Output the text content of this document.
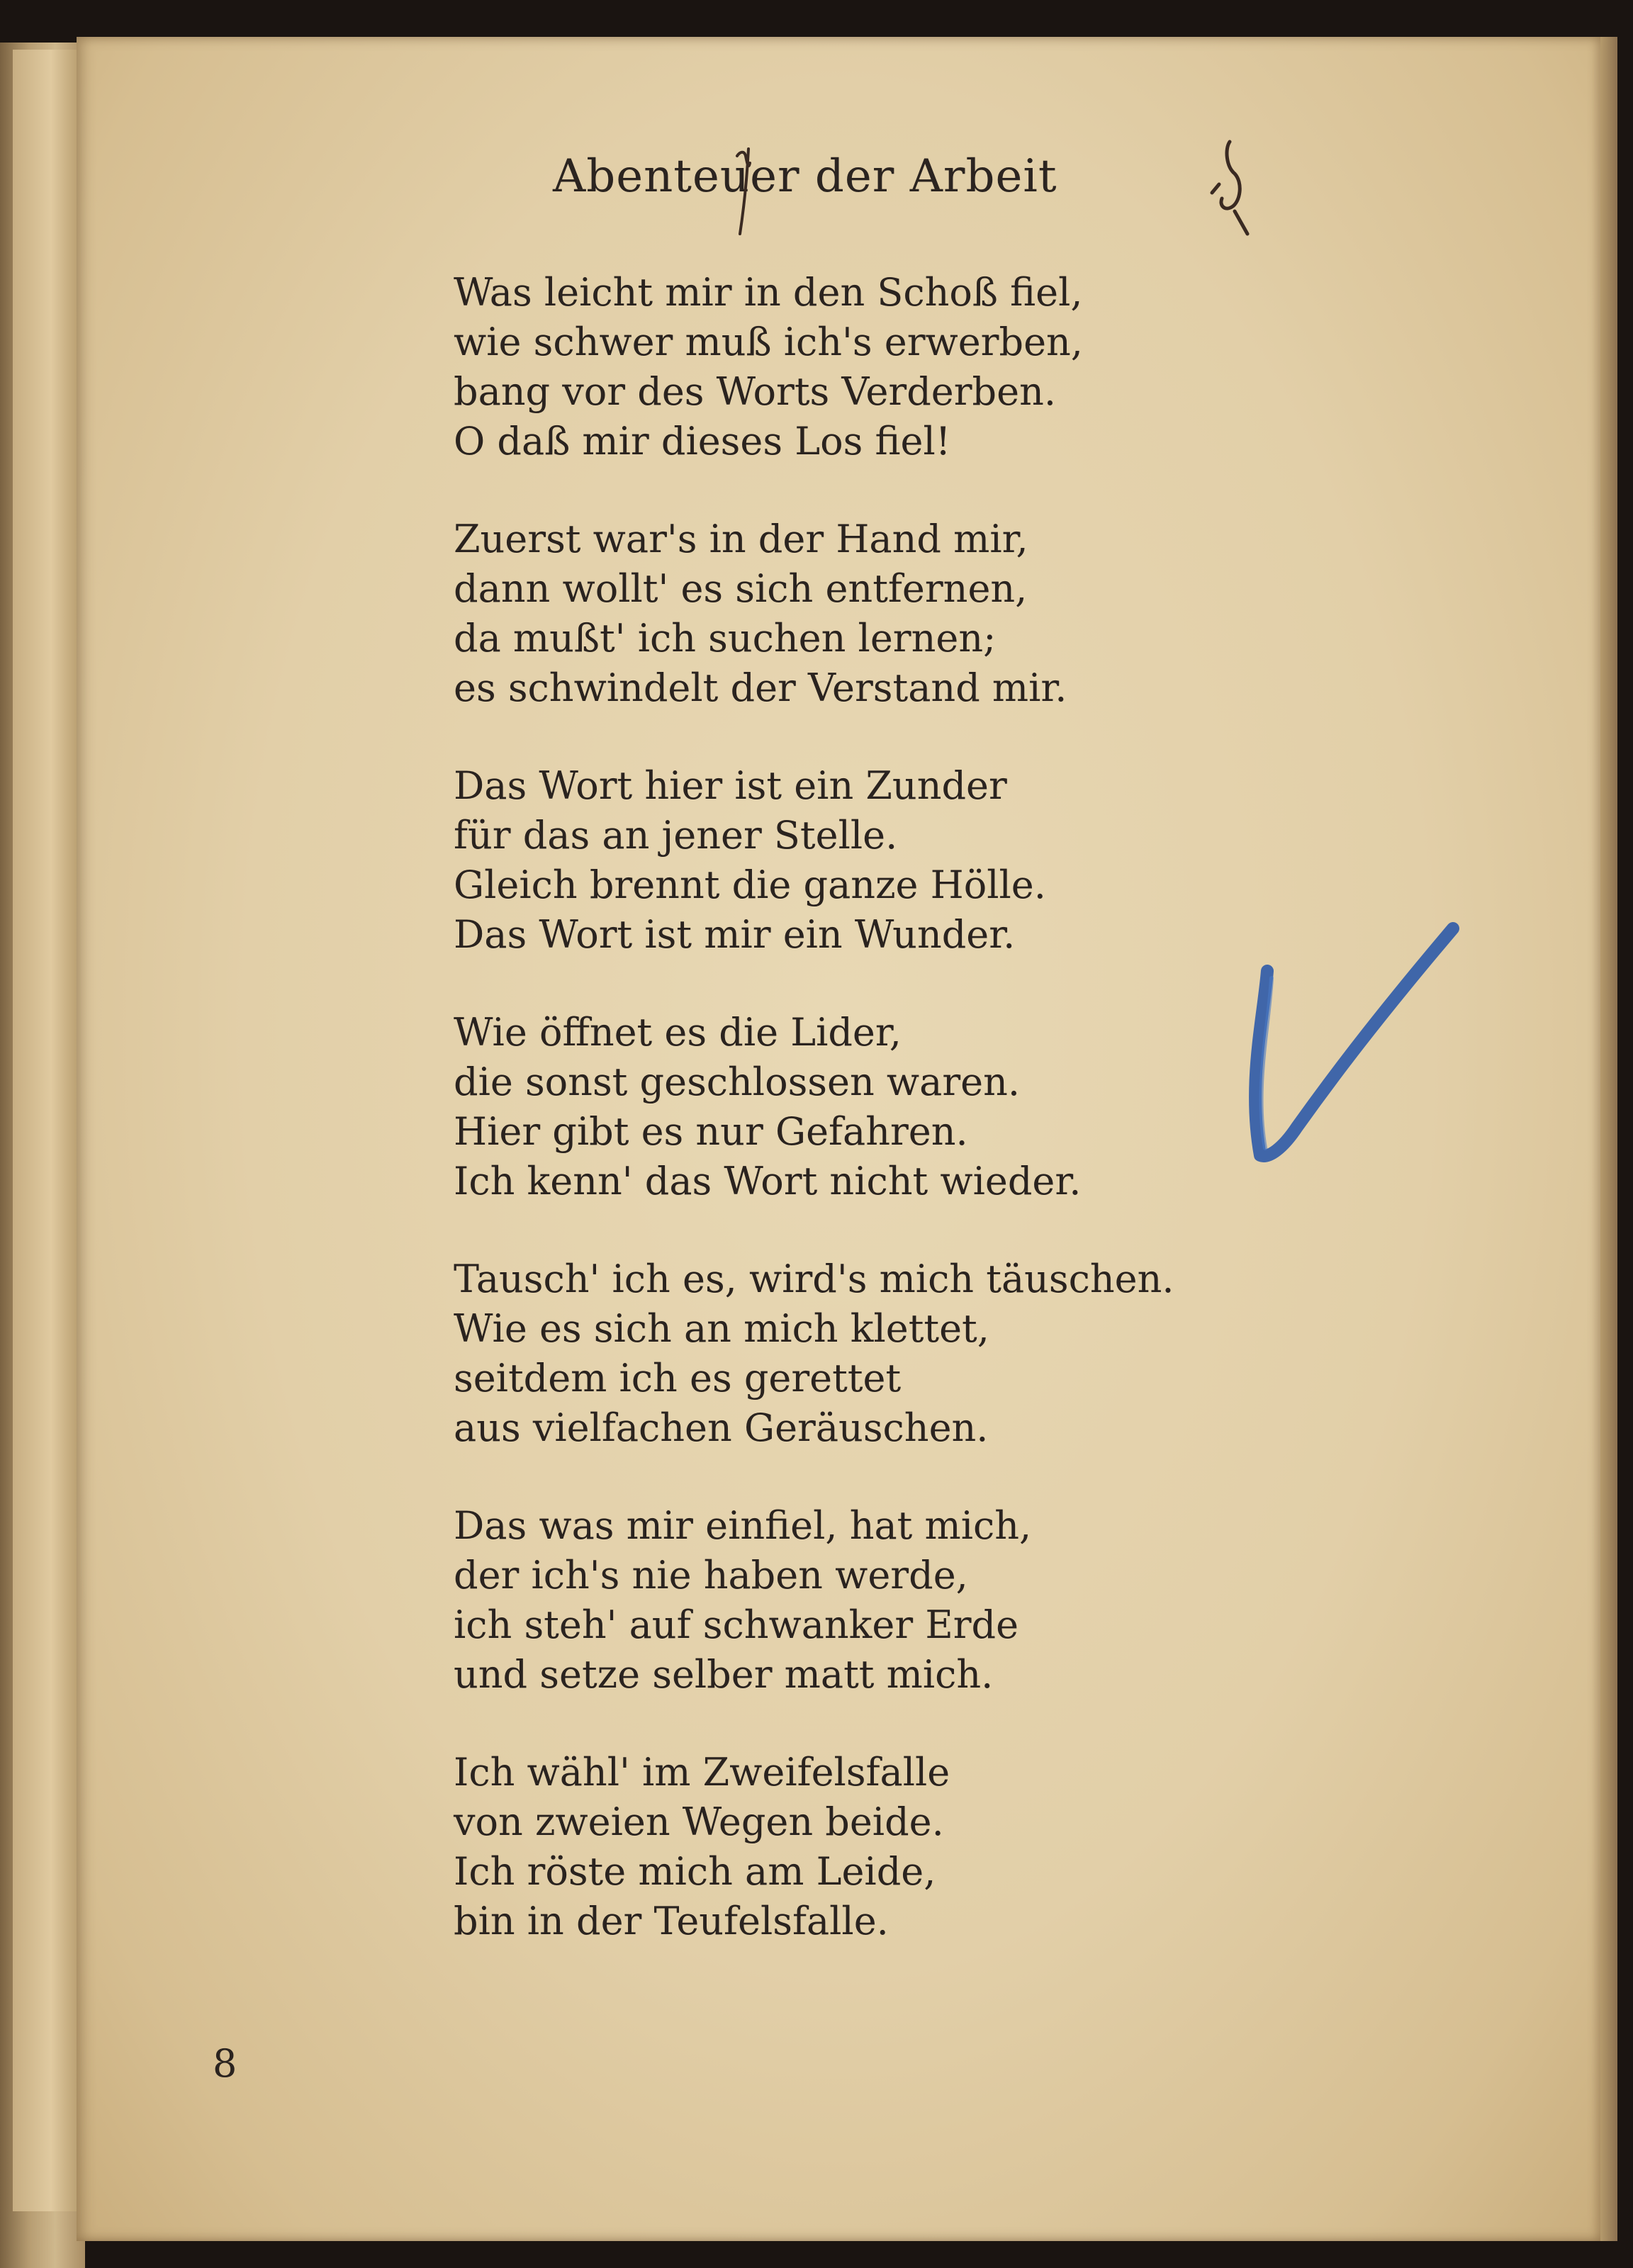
Abenteuer der Arbeit
Was leicht mir in den Schoß fiel,
wie schwer muß ich's erwerben,
bang vor des Worts Verderben.
O daß mir dieses Los fiel!
Zuerst war's in der Hand mir,
dann wollt' es sich entfernen,
da mußt' ich suchen lernen;
es schwindelt der Verstand mir.
Das Wort hier ist ein Zunder
für das an jener Stelle.
Gleich brennt die ganze Hölle.
Das Wort ist mir ein Wunder.
Wie öffnet es die Lider,
die sonst geschlossen waren.
Hier gibt es nur Gefahren.
Ich kenn' das Wort nicht wieder.
Tausch' ich es, wird's mich täuschen.
Wie es sich an mich klettet,
seitdem ich es gerettet
aus vielfachen Geräuschen.
Das was mir einfiel, hat mich,
der ich's nie haben werde,
ich steh' auf schwanker Erde
und setze selber matt mich.
Ich wähl' im Zweifelsfalle
von zweien Wegen beide.
Ich röste mich am Leide,
bin in der Teufelsfalle.
8
